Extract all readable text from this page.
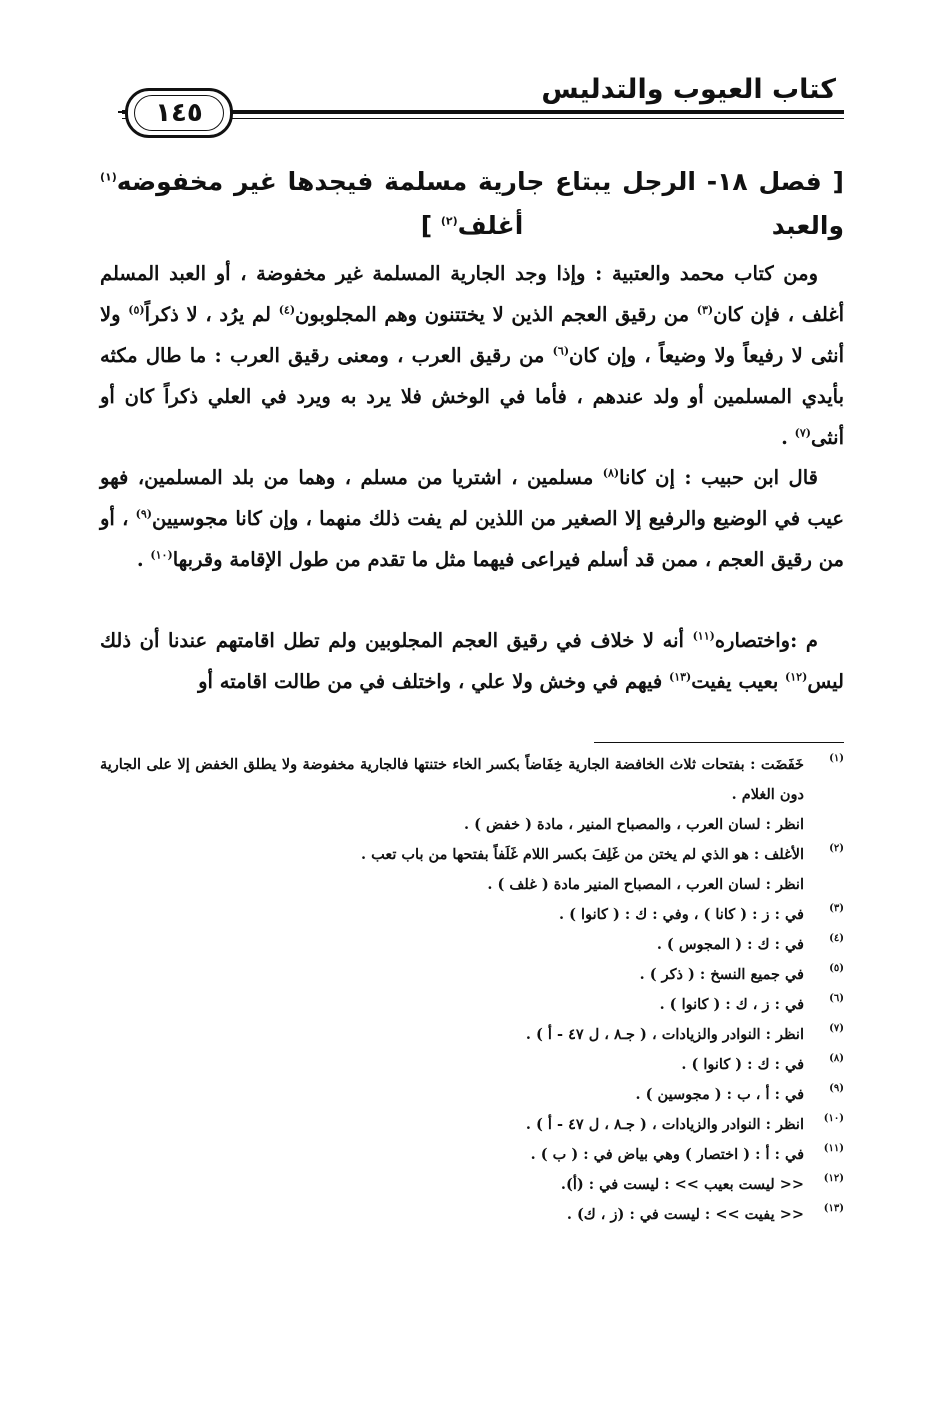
كتاب العيوب والتدليس
١٤٥
[ فصل ١٨- الرجل يبتاع جارية مسلمة فيجدها غير مخفوضه$^{(١)}$ والعبد
أغلف$^{(٢)}$ ]

ومن كتاب محمد والعتبية : وإذا وجد الجارية المسلمة غير مخفوضة ، أو العبد المسلم أغلف ، فإن كان$^{(٣)}$ من رقيق العجم الذين لا يختتنون وهم المجلوبون$^{(٤)}$ لم يرُد ، لا ذكراً$^{(٥)}$ ولا أنثى لا رفيعاً ولا وضيعاً ، وإن كان$^{(٦)}$ من رقيق العرب ، ومعنى رقيق العرب : ما طال مكثه بأيدي المسلمين أو ولد عندهم ، فأما في الوخش فلا يرد به ويرد في العلي ذكراً كان أو أنثى$^{(٧)}$ .

قال ابن حبيب : إن كانا$^{(٨)}$ مسلمين ، اشتريا من مسلم ، وهما من بلد المسلمين، فهو عيب في الوضيع والرفيع إلا الصغير من اللذين لم يفت ذلك منهما ، وإن كانا مجوسيين$^{(٩)}$ ، أو من رقيق العجم ، ممن قد أسلم فيراعى فيهما مثل ما تقدم من طول الإقامة وقربها$^{(١٠)}$ .

م :واختصاره$^{(١١)}$ أنه لا خلاف في رقيق العجم المجلوبين ولم تطل اقامتهم عندنا أن ذلك ليس$^{(١٢)}$ بعيب يفيت$^{(١٣)}$ فيهم في وخش ولا علي ، واختلف في من طالت اقامته أو

(١)
خَفَضَت : بفتحات ثلاث الخافضة الجارية خِفَاضاً بكسر الخاء ختنتها فالجارية مخفوضة ولا يطلق الخفض إلا على الجارية دون الغلام .

انظر : لسان العرب ، والمصباح المنير ، مادة ( خفض ) .

(٢)
الأغلف : هو الذي لم يختن من غَلِفَ بكسر اللام غَلَفاً بفتحها من باب تعب .

انظر : لسان العرب ، المصباح المنير مادة ( غلف ) .

(٣)
في : ز : ( كانا ) ، وفي : ك : ( كانوا ) .

(٤)
في : ك : ( المجوس ) .

(٥)
في جميع النسخ : ( ذكر ) .

(٦)
في : ز ، ك : ( كانوا ) .

(٧)
انظر : النوادر والزيادات ، ( جـ٨ ، ل ٤٧ - أ ) .

(٨)
في : ك : ( كانوا ) .

(٩)
في : أ ، ب : ( مجوسين ) .

(١٠)
انظر : النوادر والزيادات ، ( جـ٨ ، ل ٤٧ - أ ) .

(١١)
في : أ : ( اختصار ) وهي بياض في : ( ب ) .

(١٢)
<< ليست بعيب >> : ليست في : (أ).

(١٣)
<< يفيت >> : ليست في : (ز ، ك) .
